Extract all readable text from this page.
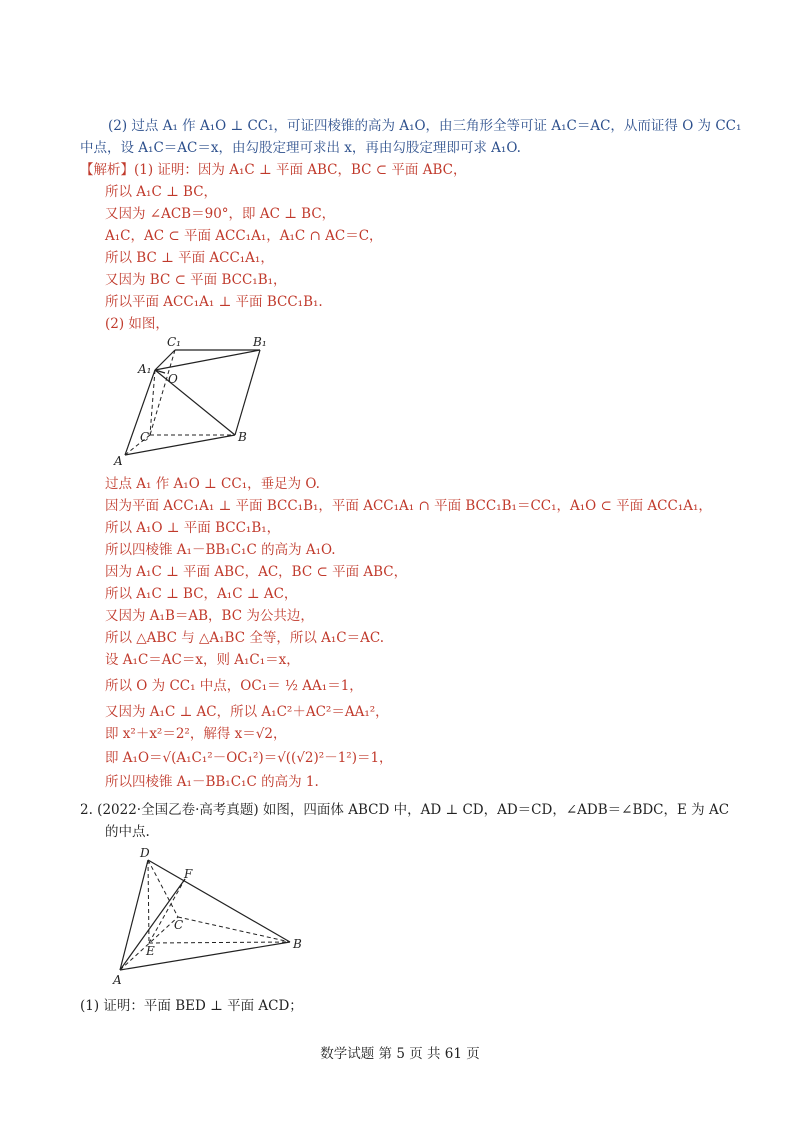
(2) 过点 A₁ 作 A₁O ⊥ CC₁，可证四棱锥的高为 A₁O，由三角形全等可证 A₁C＝AC，从而证得 O 为 CC₁
中点，设 A₁C＝AC＝x，由勾股定理可求出 x，再由勾股定理即可求 A₁O.
【解析】(1) 证明：因为 A₁C ⊥ 平面 ABC，BC ⊂ 平面 ABC，
所以 A₁C ⊥ BC，
又因为 ∠ACB＝90°，即 AC ⊥ BC，
A₁C，AC ⊂ 平面 ACC₁A₁，A₁C ∩ AC＝C，
所以 BC ⊥ 平面 ACC₁A₁，
又因为 BC ⊂ 平面 BCC₁B₁，
所以平面 ACC₁A₁ ⊥ 平面 BCC₁B₁.
(2) 如图，
C₁	B₁
A₁
O
C	B
A
过点 A₁ 作 A₁O ⊥ CC₁，垂足为 O.
因为平面 ACC₁A₁ ⊥ 平面 BCC₁B₁，平面 ACC₁A₁ ∩ 平面 BCC₁B₁＝CC₁，A₁O ⊂ 平面 ACC₁A₁，
所以 A₁O ⊥ 平面 BCC₁B₁，
所以四棱锥 A₁－BB₁C₁C 的高为 A₁O.
因为 A₁C ⊥ 平面 ABC，AC，BC ⊂ 平面 ABC，
所以 A₁C ⊥ BC，A₁C ⊥ AC，
又因为 A₁B＝AB，BC 为公共边，
所以 △ABC 与 △A₁BC 全等，所以 A₁C＝AC.
设 A₁C＝AC＝x，则 A₁C₁＝x，
所以 O 为 CC₁ 中点，OC₁＝ ½ AA₁＝1，
又因为 A₁C ⊥ AC，所以 A₁C²＋AC²＝AA₁²，
即 x²＋x²＝2²，解得 x＝√2，
即 A₁O＝√(A₁C₁²－OC₁²)＝√((√2)²－1²)＝1，
所以四棱锥 A₁－BB₁C₁C 的高为 1.
2. (2022·全国乙卷·高考真题) 如图，四面体 ABCD 中，AD ⊥ CD，AD＝CD，∠ADB＝∠BDC，E 为 AC
的中点.
D
F
C
B
E
A
(1) 证明：平面 BED ⊥ 平面 ACD；
数学试题 第 5 页 共 61 页
